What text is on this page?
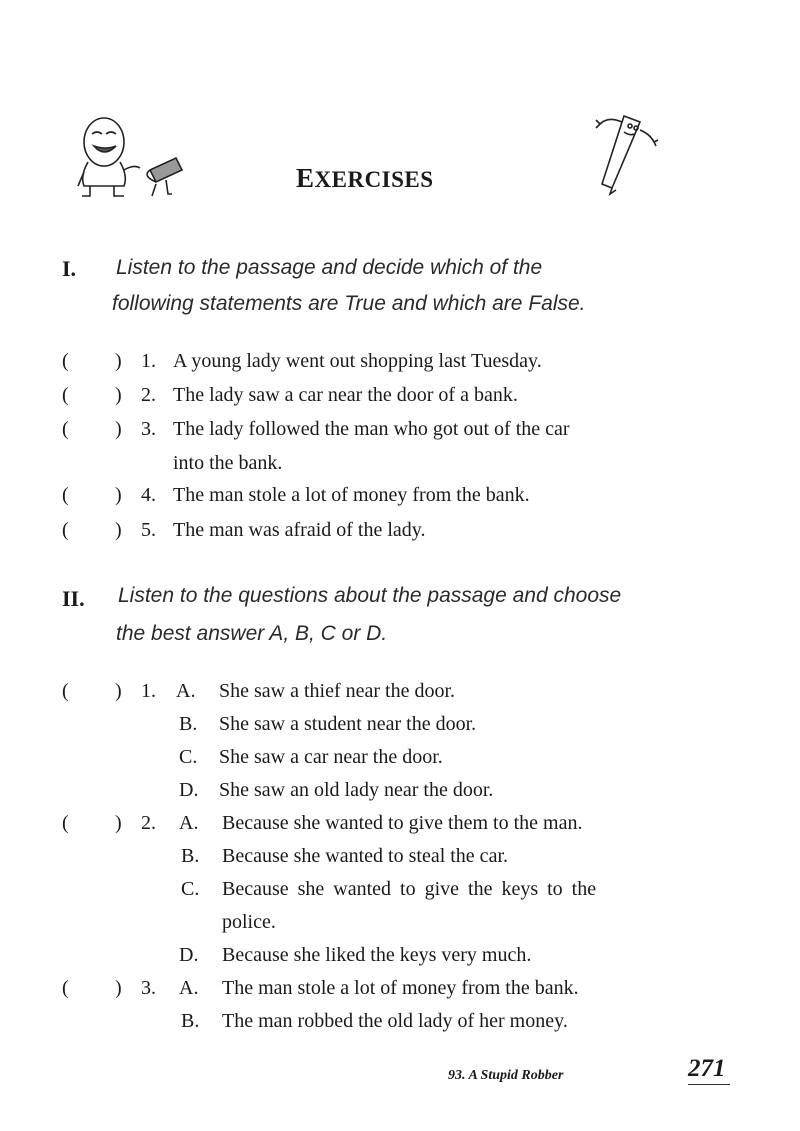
EXERCISES
I. Listen to the passage and decide which of the
following statements are True and which are False.
( ) 1. A young lady went out shopping last Tuesday.
( ) 2. The lady saw a car near the door of a bank.
( ) 3. The lady followed the man who got out of the car
into the bank.
( ) 4. The man stole a lot of money from the bank.
( ) 5. The man was afraid of the lady.
II. Listen to the questions about the passage and choose
the best answer A, B, C or D.
( ) 1. A. She saw a thief near the door.
B. She saw a student near the door.
C. She saw a car near the door.
D. She saw an old lady near the door.
( ) 2. A. Because she wanted to give them to the man.
B. Because she wanted to steal the car.
C. Because she wanted to give the keys to the
police.
D. Because she liked the keys very much.
( ) 3. A. The man stole a lot of money from the bank.
B. The man robbed the old lady of her money.
93. A Stupid Robber	271
